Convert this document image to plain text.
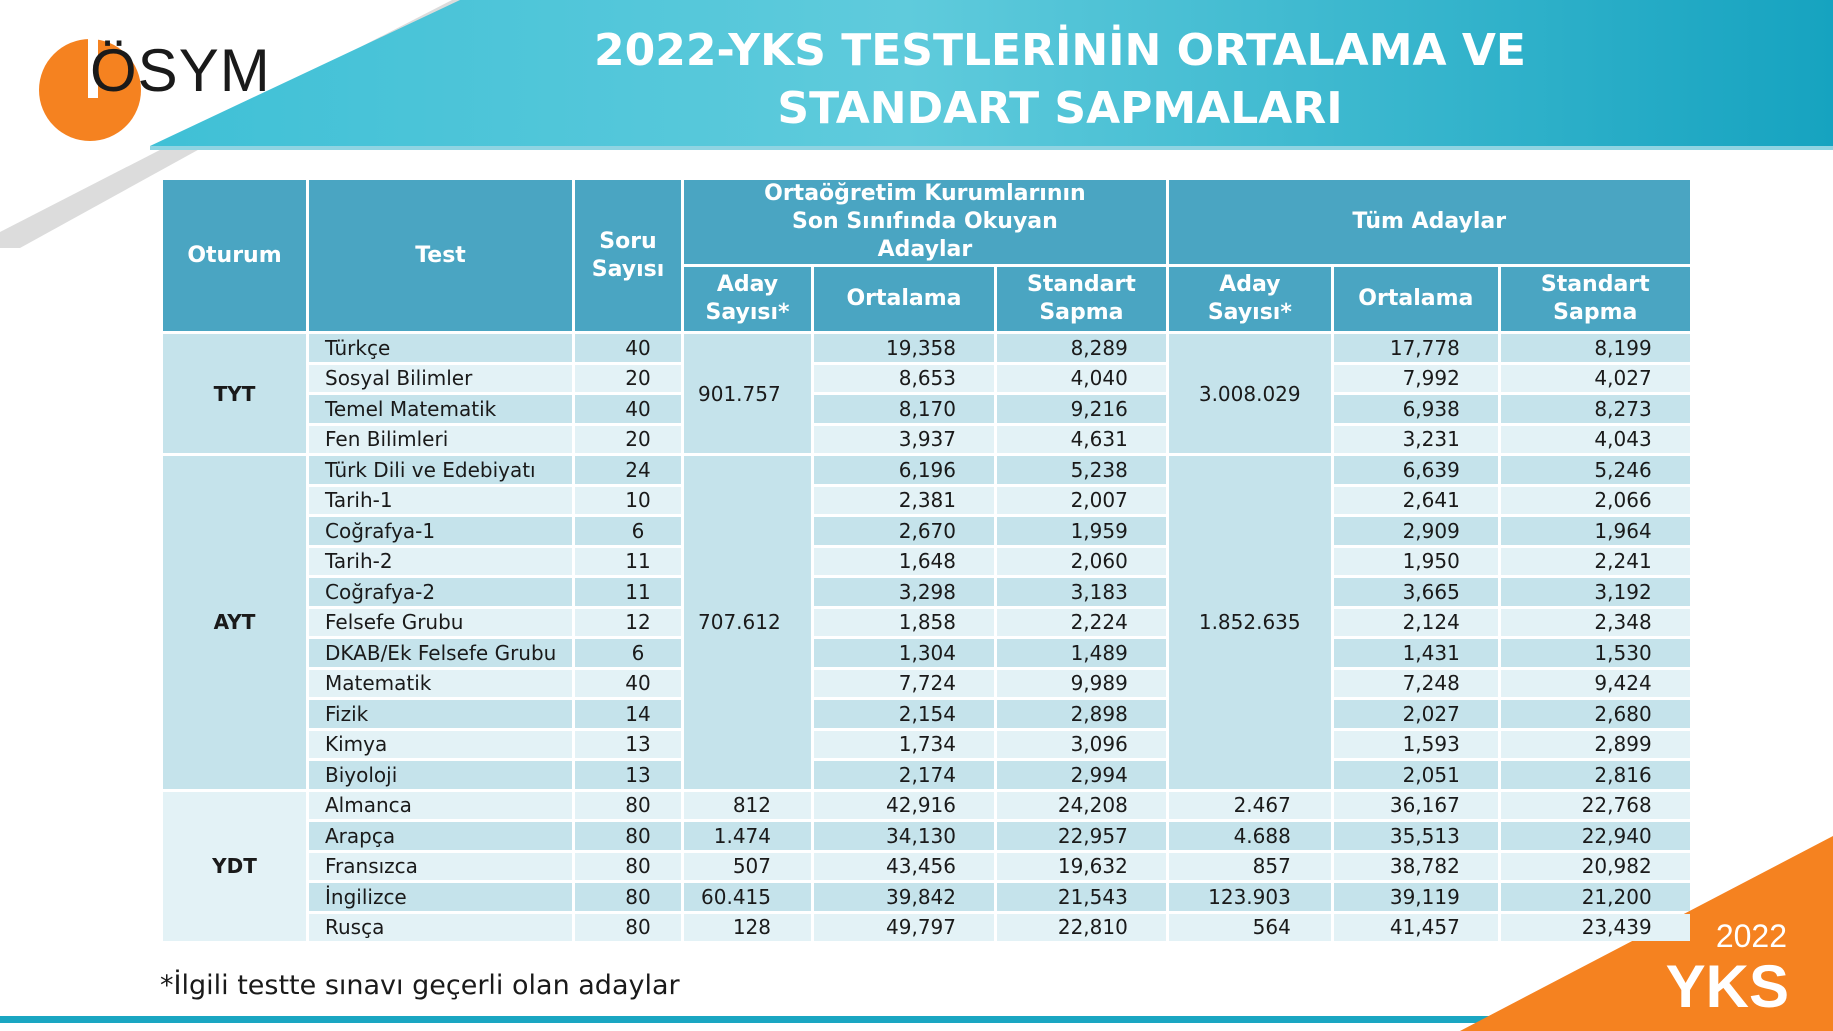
ÖSYM	2022-YKS TESTLERİNİN ORTALAMA VE
STANDART SAPMALARI
Oturum	Test	Soru Sayısı	Ortaöğretim Kurumlarının Son Sınıfında Okuyan Adaylar			Tüm Adaylar		
			Aday Sayısı*	Ortalama	Standart Sapma	Aday Sayısı*	Ortalama	Standart Sapma
TYT	Türkçe	40	901.757	19,358	8,289	3.008.029	17,778	8,199
	Sosyal Bilimler	20		8,653	4,040		7,992	4,027
	Temel Matematik	40		8,170	9,216		6,938	8,273
	Fen Bilimleri	20		3,937	4,631		3,231	4,043
AYT	Türk Dili ve Edebiyatı	24	707.612	6,196	5,238	1.852.635	6,639	5,246
	Tarih-1	10		2,381	2,007		2,641	2,066
	Coğrafya-1	6		2,670	1,959		2,909	1,964
	Tarih-2	11		1,648	2,060		1,950	2,241
	Coğrafya-2	11		3,298	3,183		3,665	3,192
	Felsefe Grubu	12		1,858	2,224		2,124	2,348
	DKAB/Ek Felsefe Grubu	6		1,304	1,489		1,431	1,530
	Matematik	40		7,724	9,989		7,248	9,424
	Fizik	14		2,154	2,898		2,027	2,680
	Kimya	13		1,734	3,096		1,593	2,899
	Biyoloji	13		2,174	2,994		2,051	2,816
YDT	Almanca	80	812	42,916	24,208	2.467	36,167	22,768
	Arapça	80	1.474	34,130	22,957	4.688	35,513	22,940
	Fransızca	80	507	43,456	19,632	857	38,782	20,982
	İngilizce	80	60.415	39,842	21,543	123.903	39,119	21,200
	Rusça	80	128	49,797	22,810	564	41,457	23,439
*İlgili testte sınavı geçerli olan adaylar
2022
YKS
